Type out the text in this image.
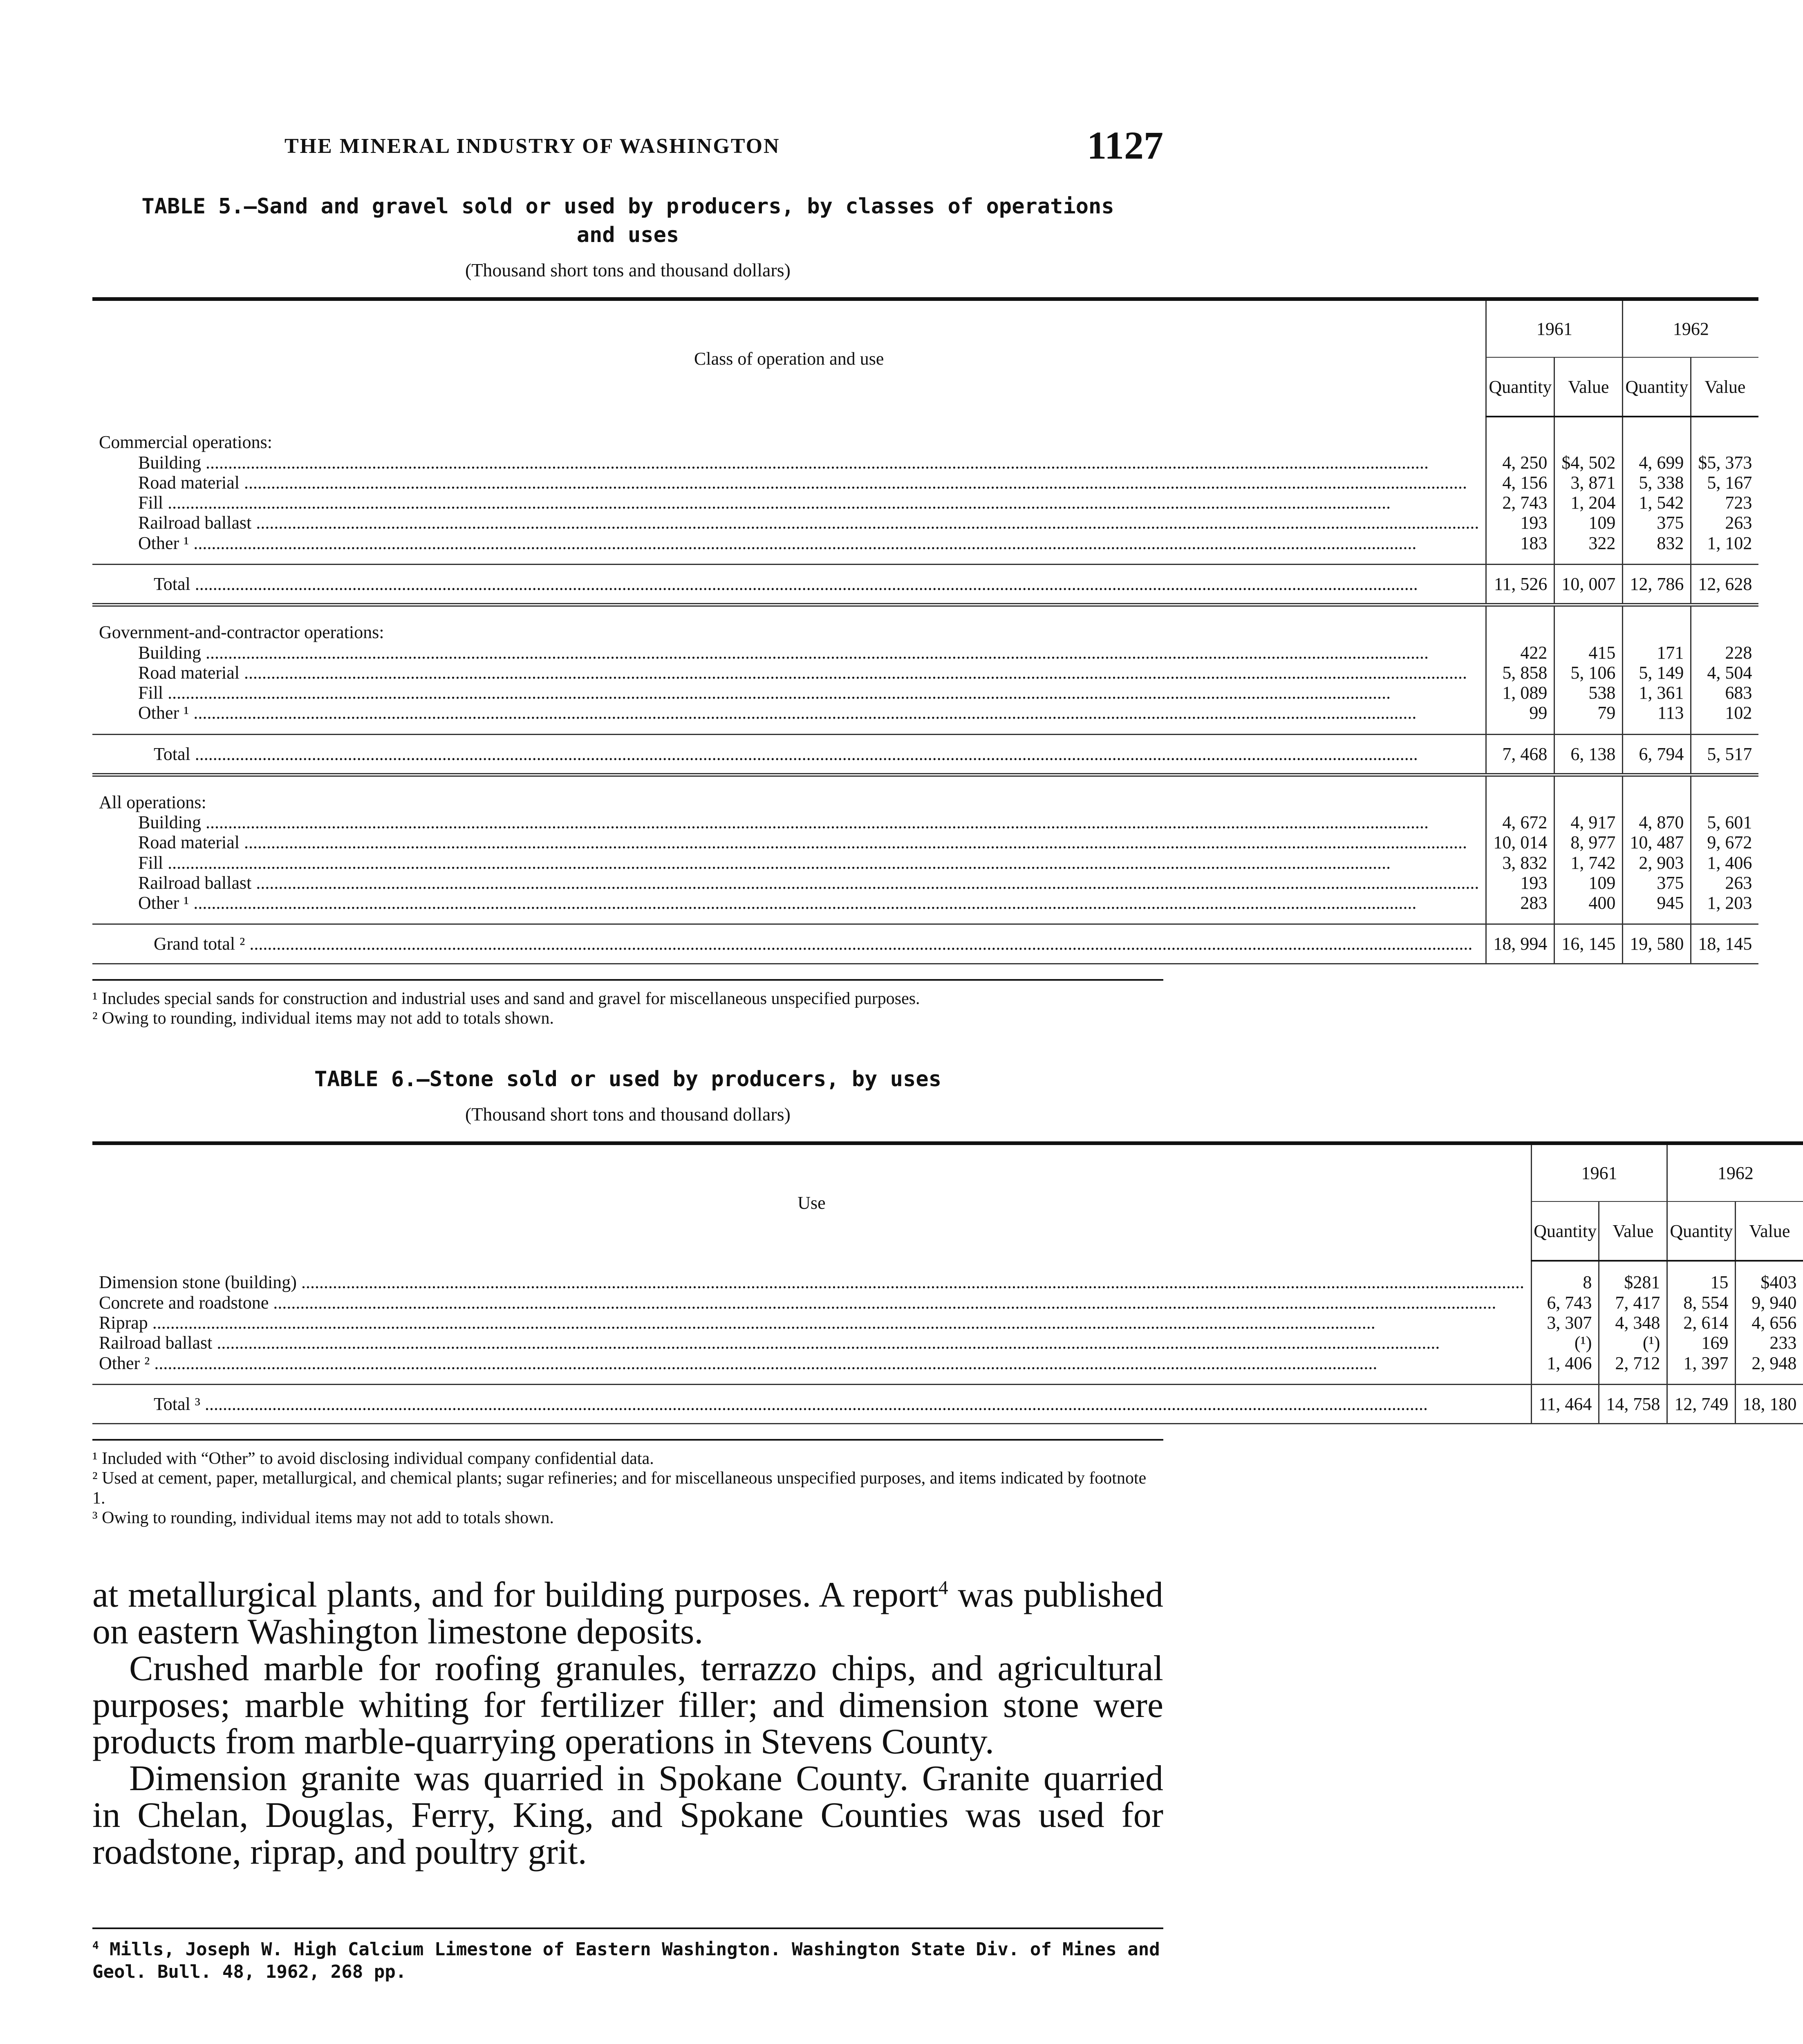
THE MINERAL INDUSTRY OF WASHINGTON	1127
TABLE 5.—Sand and gravel sold or used by producers, by classes of operations
and uses
(Thousand short tons and thousand dollars)

Class of operation and use	1961		1962	
	Quantity	Value	Quantity	Value
Commercial operations:				

Building .....	4, 250	$4, 502	4, 699	$5, 373

Road material .....	4, 156	3, 871	5, 338	5, 167

Fill .....	2, 743	1, 204	1, 542	723

Railroad ballast .....	193	109	375	263

Other ¹ .....	183	322	832	1, 102

Total .....	11, 526	10, 007	12, 786	12, 628
Government-and-contractor operations:				

Building .....	422	415	171	228

Road material .....	5, 858	5, 106	5, 149	4, 504

Fill .....	1, 089	538	1, 361	683

Other ¹ .....	99	79	113	102

Total .....	7, 468	6, 138	6, 794	5, 517
All operations:				

Building .....	4, 672	4, 917	4, 870	5, 601

Road material .....	10, 014	8, 977	10, 487	9, 672

Fill .....	3, 832	1, 742	2, 903	1, 406

Railroad ballast .....	193	109	375	263

Other ¹ .....	283	400	945	1, 203

Grand total ² .....	18, 994	16, 145	19, 580	18, 145

¹ Includes special sands for construction and industrial uses and sand and gravel for miscellaneous unspecified purposes.

² Owing to rounding, individual items may not add to totals shown.

TABLE 6.—Stone sold or used by producers, by uses
(Thousand short tons and thousand dollars)

Use	1961		1962	
	Quantity	Value	Quantity	Value

Dimension stone (building) .....	8	$281	15	$403

Concrete and roadstone .....	6, 743	7, 417	8, 554	9, 940

Riprap .....	3, 307	4, 348	2, 614	4, 656

Railroad ballast .....	(¹)	(¹)	169	233

Other ² .....	1, 406	2, 712	1, 397	2, 948

Total ³ .....	11, 464	14, 758	12, 749	18, 180

¹ Included with “Other” to avoid disclosing individual company confidential data.

² Used at cement, paper, metallurgical, and chemical plants; sugar refineries; and for miscellaneous unspecified purposes, and items indicated by footnote 1.

³ Owing to rounding, individual items may not add to totals shown.

at metallurgical plants, and for building purposes. A report$^4$ was published on eastern Washington limestone deposits.

Crushed marble for roofing granules, terrazzo chips, and agricultural purposes; marble whiting for fertilizer filler; and dimension stone were products from marble-quarrying operations in Stevens County.

Dimension granite was quarried in Spokane County. Granite quarried in Chelan, Douglas, Ferry, King, and Spokane Counties was used for roadstone, riprap, and poultry grit.

$^4$ Mills, Joseph W. High Calcium Limestone of Eastern Washington. Washington State Div. of Mines and Geol. Bull. 48, 1962, 268 pp.
